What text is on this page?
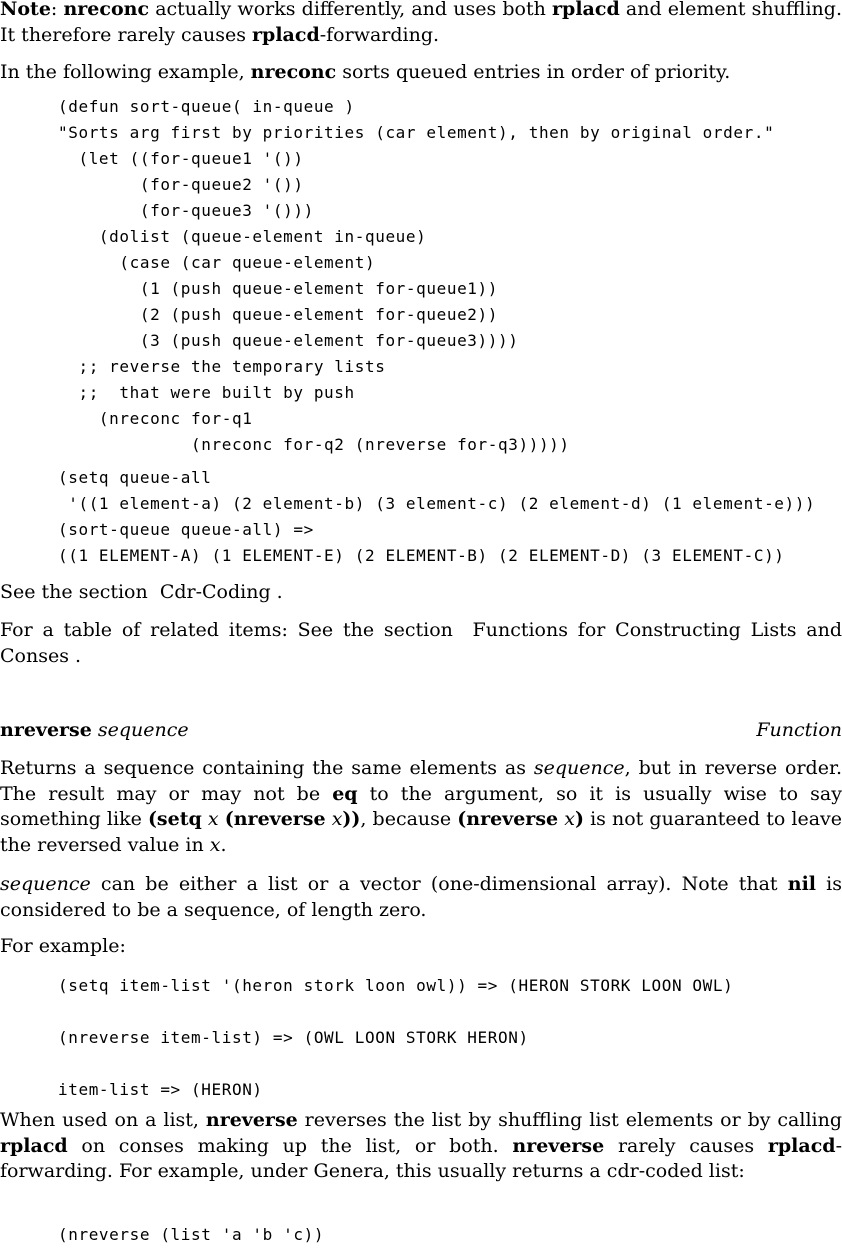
Note: nreconc actually works differently, and uses both rplacd and element shuffling. It therefore rarely causes rplacd-forwarding.

In the following example, nreconc sorts queued entries in order of priority.

(defun sort-queue( in-queue )
"Sorts arg first by priorities (car element), then by original order."
(let ((for-queue1 '())
(for-queue2 '())
(for-queue3 '()))
(dolist (queue-element in-queue)
(case (car queue-element)
(1 (push queue-element for-queue1))
(2 (push queue-element for-queue2))
(3 (push queue-element for-queue3))))
;; reverse the temporary lists
;;  that were built by push
(nreconc for-q1
(nreconc for-q2 (nreverse for-q3)))))
(setq queue-all
'((1 element-a) (2 element-b) (3 element-c) (2 element-d) (1 element-e)))
(sort-queue queue-all) =>
((1 ELEMENT-A) (1 ELEMENT-E) (2 ELEMENT-B) (2 ELEMENT-D) (3 ELEMENT-C))

See the section  Cdr-Coding .

For a table of related items: See the section  Functions for Constructing Lists and Conses .

nreverse sequence	Function

Returns a sequence containing the same elements as sequence, but in reverse order. The result may or may not be eq to the argument, so it is usually wise to say something like (setq x (nreverse x)), because (nreverse x) is not guaranteed to leave the reversed value in x.

sequence can be either a list or a vector (one-dimensional array). Note that nil is considered to be a sequence, of length zero.

For example:

(setq item-list '(heron stork loon owl)) => (HERON STORK LOON OWL)

(nreverse item-list) => (OWL LOON STORK HERON)

item-list => (HERON)

When used on a list, nreverse reverses the list by shuffling list elements or by calling rplacd on conses making up the list, or both. nreverse rarely causes rplacd-forwarding. For example, under Genera, this usually returns a cdr-coded list:

(nreverse (list 'a 'b 'c))
